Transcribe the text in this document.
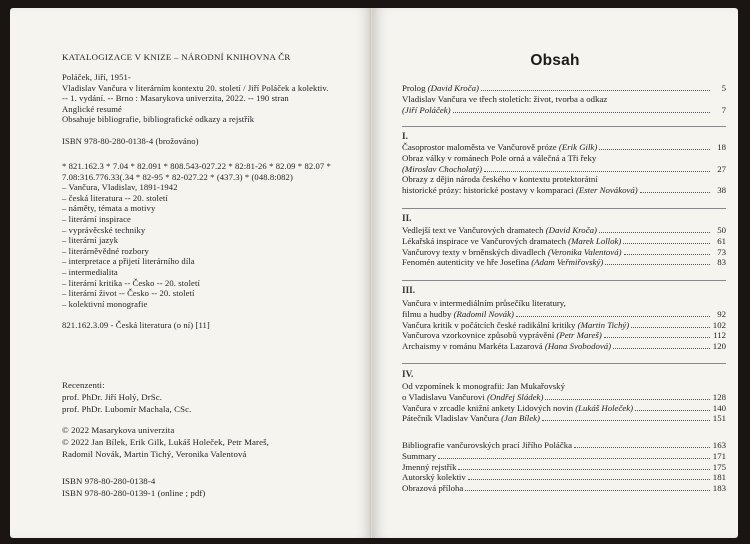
KATALOGIZACE V KNIZE – NÁRODNÍ KNIHOVNA ČR
Poláček, Jiří, 1951-
Vladislav Vančura v literárním kontextu 20. století / Jiří Poláček a kolektiv.
-- 1. vydání. -- Brno : Masarykova univerzita, 2022. -- 190 stran
Anglické resumé
Obsahuje bibliografie, bibliografické odkazy a rejstřík
ISBN 978-80-280-0138-4 (brožováno)
* 821.162.3 * 7.04 * 82.091 * 808.543-027.22 * 82:81-26 * 82.09 * 82.07 *
7.08:316.776.33(.34 * 82-95 * 82-027.22 * (437.3) * (048.8:082)
– Vančura, Vladislav, 1891-1942
– česká literatura -- 20. století
– náměty, témata a motivy
– literární inspirace
– vyprávěcské techniky
– literární jazyk
– literárněvědné rozbory
– interpretace a přijetí literárního díla
– intermedialita
– literární kritika -- Česko -- 20. století
– literární život -- Česko -- 20. století
– kolektivní monografie
821.162.3.09 - Česká literatura (o ní) [11]
Recenzenti:
prof. PhDr. Jiří Holý, DrSc.
prof. PhDr. Lubomír Machala, CSc.
© 2022 Masarykova univerzita
© 2022 Jan Bílek, Erik Gilk, Lukáš Holeček, Petr Mareš,
Radomil Novák, Martin Tichý, Veronika Valentová
ISBN 978-80-280-0138-4
ISBN 978-80-280-0139-1 (online ; pdf)
Obsah
Prolog (David Kroča)	5
Vladislav Vančura ve třech stoletích: život, tvorba a odkaz
(Jiří Poláček)	7
I.
Časoprostor maloměsta ve Vančurově próze (Erik Gilk)	18
Obraz války v románech Pole orná a válečná a Tři řeky
(Miroslav Chocholatý)	27
Obrazy z dějin národa českého v kontextu protektorátní
historické prózy: historické postavy v komparaci (Ester Nováková)	38
II.
Vedlejší text ve Vančurových dramatech (David Kroča)	50
Lékařská inspirace ve Vančurových dramatech (Marek Lollok)	61
Vančurovy texty v brněnských divadlech (Veronika Valentová)	73
Fenomén autenticity ve hře Josefina (Adam Veřmiřovský)	83
III.
Vančura v intermediálním průsečíku literatury,
filmu a hudby (Radomil Novák)	92
Vančura kritik v počátcích české radikální kritiky (Martin Tichý)	102
Vančurova vzorkovnice způsobů vyprávění (Petr Mareš)	112
Archaismy v románu Markéta Lazarová (Hana Svobodová)	120
IV.
Od vzpomínek k monografii: Jan Mukařovský
o Vladislavu Vančurovi (Ondřej Sládek)	128
Vančura v zrcadle knižní ankety Lidových novin (Lukáš Holeček)	140
Pátečník Vladislav Vančura (Jan Bílek)	151
Bibliografie vančurovských prací Jiřího Poláčka	163
Summary	171
Jmenný rejstřík	175
Autorský kolektiv	181
Obrazová příloha	183
